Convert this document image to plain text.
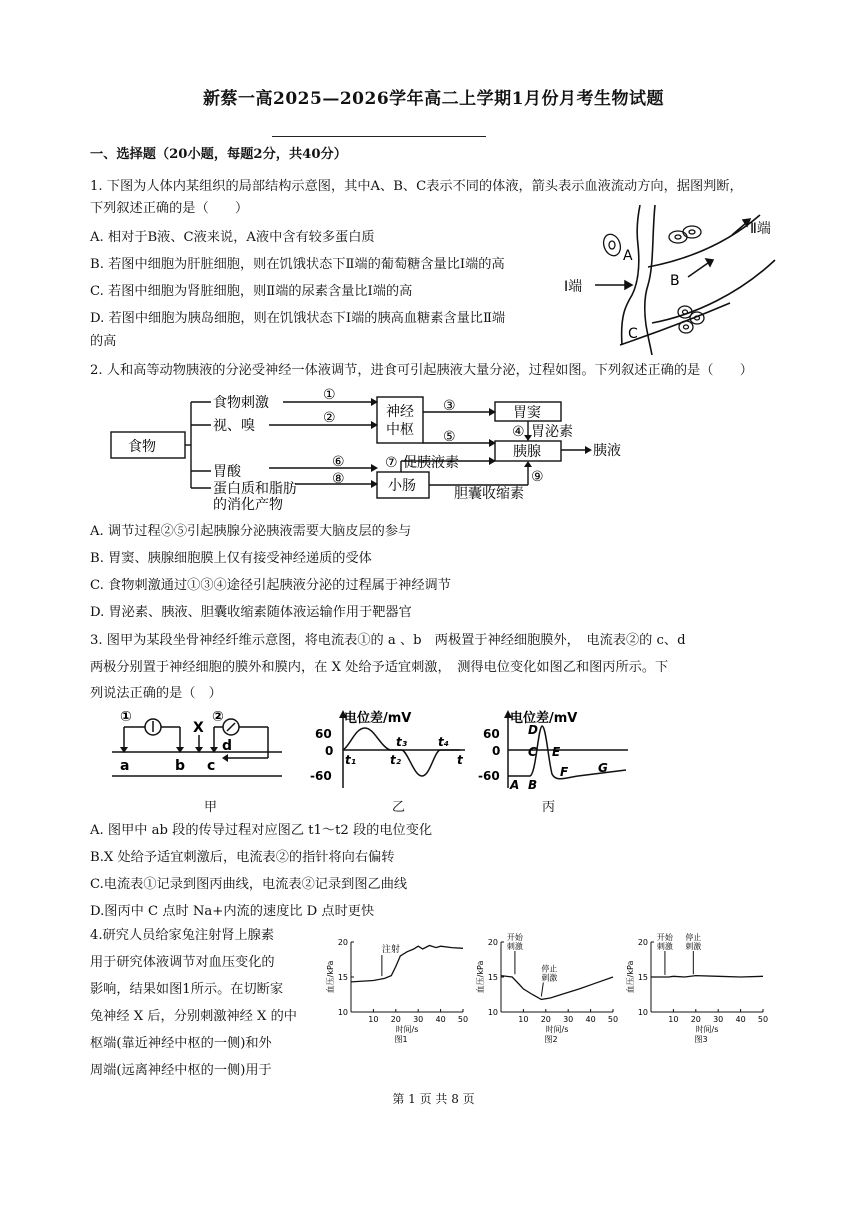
新蔡一高2025—2026学年高二上学期1月份月考生物试题
一、选择题（20小题，每题2分，共40分）
1. 下图为人体内某组织的局部结构示意图，其中A、B、C表示不同的体液，箭头表示血液流动方向，据图判断，
下列叙述正确的是（　　）
A. 相对于B液、C液来说，A液中含有较多蛋白质
B. 若图中细胞为肝脏细胞，则在饥饿状态下Ⅱ端的葡萄糖含量比Ⅰ端的高
C. 若图中细胞为肾脏细胞，则Ⅱ端的尿素含量比Ⅰ端的高
D. 若图中细胞为胰岛细胞，则在饥饿状态下Ⅰ端的胰高血糖素含量比Ⅱ端
的高
Ⅰ端
Ⅱ端
A
B
C
2. 人和高等动物胰液的分泌受神经一体液调节，进食可引起胰液大量分泌，过程如图。下列叙述正确的是（　　）
食物
食物刺激
视、嗅
胃酸
蛋白质和脂肪
的消化产物
神经
中枢
胃窦
胃泌素
胰腺	胰液
促胰液素
小肠	胆囊收缩素
①
②
③
④
⑤
⑥	⑦
⑧	⑨
A. 调节过程②⑤引起胰腺分泌胰液需要大脑皮层的参与
B. 胃窦、胰腺细胞膜上仅有接受神经递质的受体
C. 食物刺激通过①③④途径引起胰液分泌的过程属于神经调节
D. 胃泌素、胰液、胆囊收缩素随体液运输作用于靶器官
3. 图甲为某段坐骨神经纤维示意图，将电流表①的 a 、b　两极置于神经细胞膜外，　电流表②的 c、d
两极分别置于神经细胞的膜外和膜内，在 X 处给予适宜刺激，　测得电位变化如图乙和图丙所示。下
列说法正确的是（　）
①	②
X
a	b c
d
甲
电位差/mV
60
0
-60
t₁	t₂
t₃	t₄
t
乙
电位差/mV
60
0
-60
A B
C
D
E
F G
丙
A. 图甲中 ab 段的传导过程对应图乙 t1～t2 段的电位变化
B.X 处给予适宜刺激后，电流表②的指针将向右偏转
C.电流表①记录到图丙曲线，电流表②记录到图乙曲线
D.图丙中 C 点时 Na+内流的速度比 D 点时更快
4.研究人员给家兔注射肾上腺素
用于研究体液调节对血压变化的
影响，结果如图1所示。在切断家
兔神经 X 后，分别刺激神经 X 的中
枢端(靠近神经中枢的一侧)和外
周端(远离神经中枢的一侧)用于
20
15
10
10 20 30 40 50
血压/kPa
时间/s
图1
注射
20
15
10
10 20 30 40 50
血压/kPa
时间/s
图2
开始
刺激
停止
刺激
20
15
10
10 20 30 40 50
血压/kPa
时间/s
图3
开始
刺激
停止
刺激
第 1 页 共 8 页
